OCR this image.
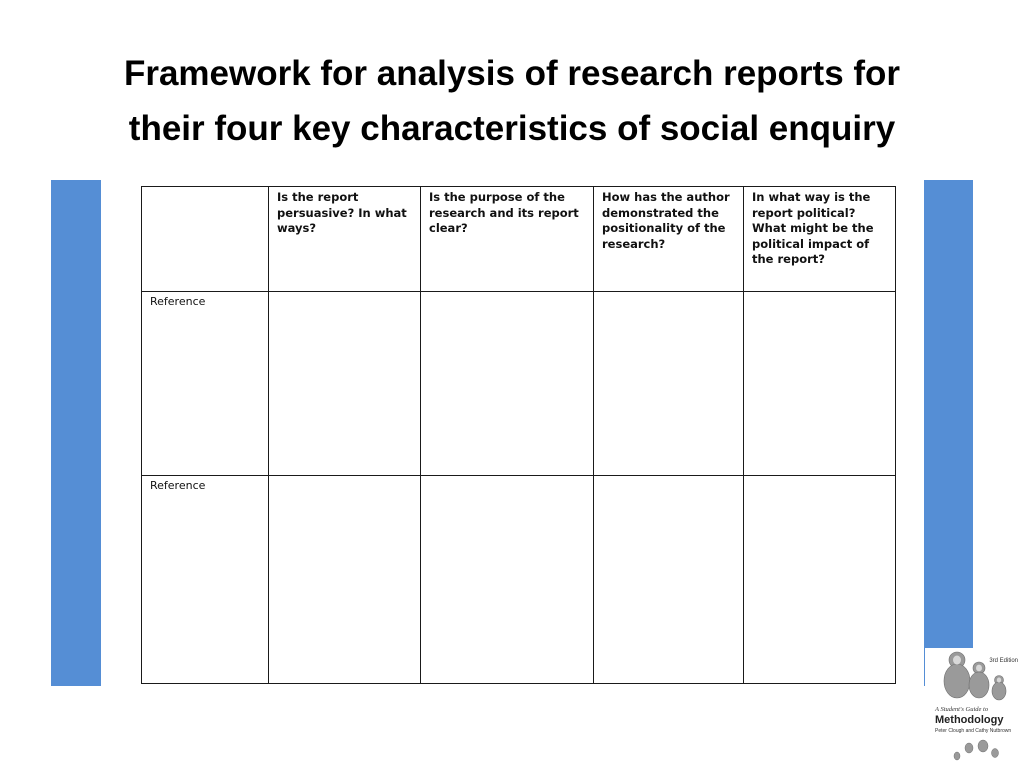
Framework for analysis of research reports for
their four key characteristics of social enquiry
	Is the report persuasive? In what ways?	Is the purpose of the research and its report clear?	How has the author demonstrated the positionality of the research?	In what way is the report political? What might be the political impact of the report?
Reference				
Reference				
3rd Edition
A Student's Guide to
Methodology
Peter Clough and Cathy Nutbrown
